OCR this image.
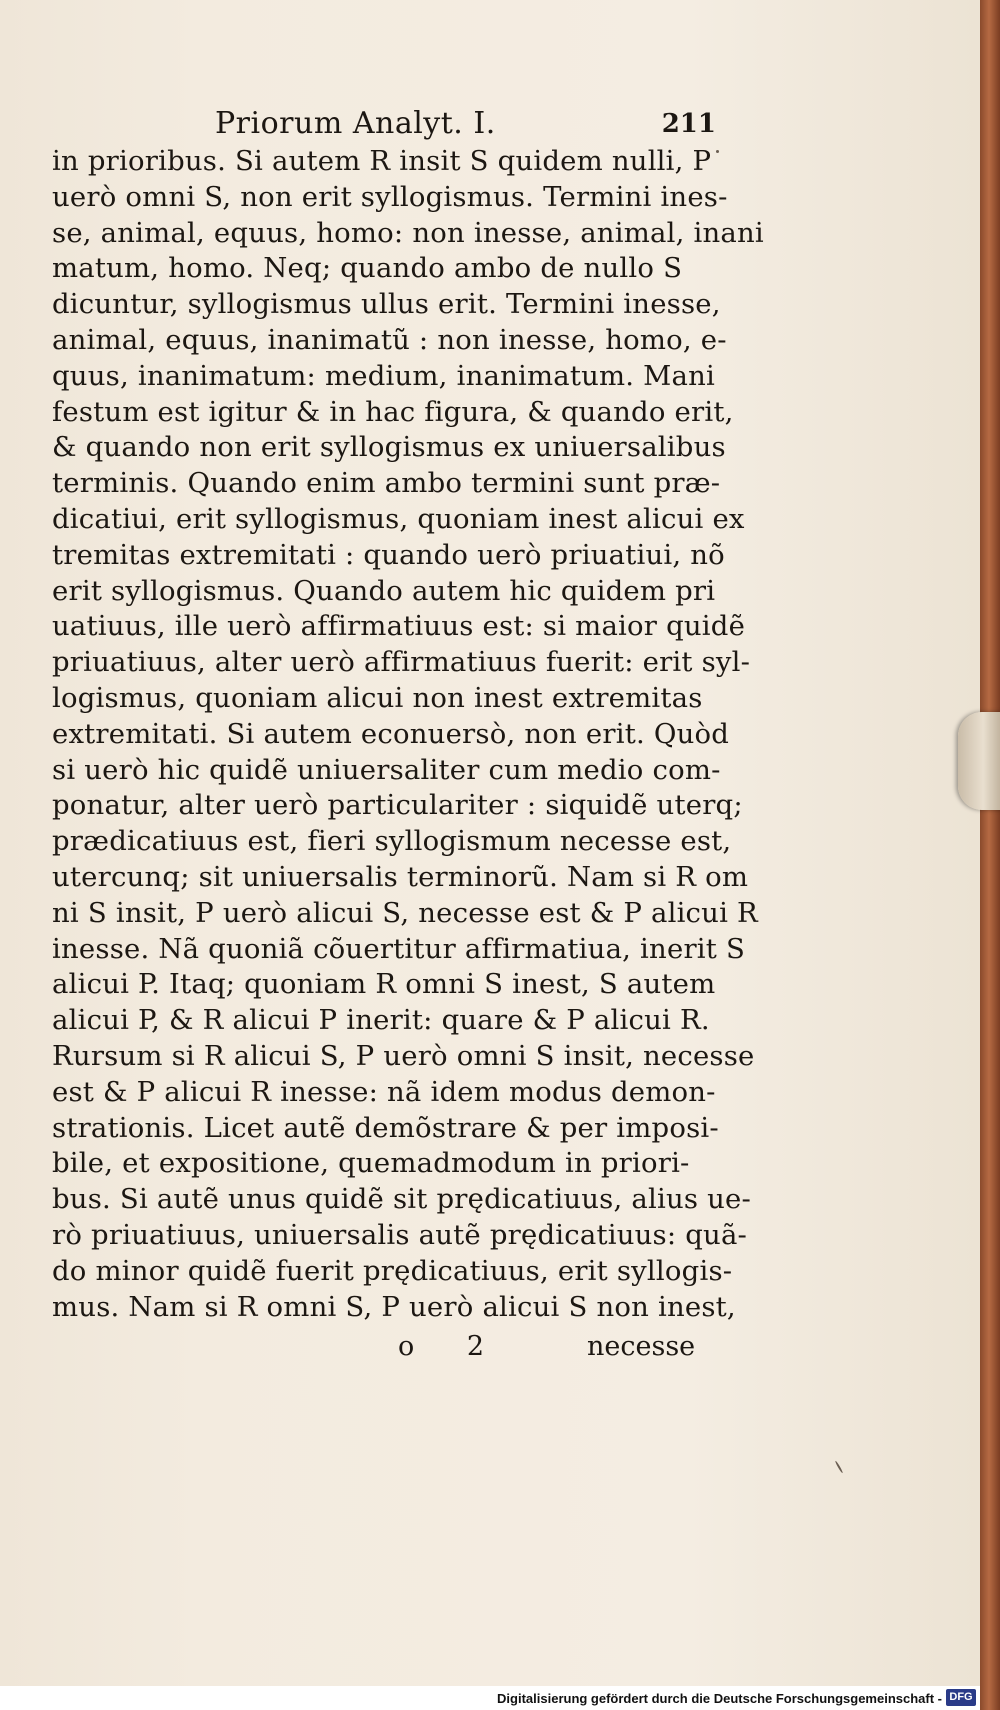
Priorum Analyt. I.	211
in prioribus. Si autem R insit S quidem nulli, P
uerò omni S, non erit syllogismus. Termini ines-
se, animal, equus, homo: non inesse, animal, inani
matum, homo. Neq; quando ambo de nullo S
dicuntur, syllogismus ullus erit. Termini inesse,
animal, equus, inanimatũ : non inesse, homo, e-
quus, inanimatum: medium, inanimatum. Mani
festum est igitur & in hac figura, & quando erit,
& quando non erit syllogismus ex uniuersalibus
terminis. Quando enim ambo termini sunt præ-
dicatiui, erit syllogismus, quoniam inest alicui ex
tremitas extremitati : quando uerò priuatiui, nõ
erit syllogismus. Quando autem hic quidem pri
uatiuus, ille uerò affirmatiuus est: si maior quidẽ
priuatiuus, alter uerò affirmatiuus fuerit: erit syl-
logismus, quoniam alicui non inest extremitas
extremitati. Si autem econuersò, non erit. Quòd
si uerò hic quidẽ uniuersaliter cum medio com-
ponatur, alter uerò particulariter : siquidẽ uterq;
prædicatiuus est, fieri syllogismum necesse est,
utercunq; sit uniuersalis terminorũ. Nam si R om
ni S insit, P uerò alicui S, necesse est & P alicui R
inesse. Nã quoniã cõuertitur affirmatiua, inerit S
alicui P. Itaq; quoniam R omni S inest, S autem
alicui P, & R alicui P inerit: quare & P alicui R.
Rursum si R alicui S, P uerò omni S insit, necesse
est & P alicui R inesse: nã idem modus demon-
strationis. Licet autẽ demõstrare & per imposi-
bile, et expositione, quemadmodum in priori-
bus. Si autẽ unus quidẽ sit prędicatiuus, alius ue-
rò priuatiuus, uniuersalis autẽ prędicatiuus: quã-
do minor quidẽ fuerit prędicatiuus, erit syllogis-
mus. Nam si R omni S, P uerò alicui S non inest,
o 2	necesse
Digitalisierung gefördert durch die Deutsche Forschungsgemeinschaft - DFG
